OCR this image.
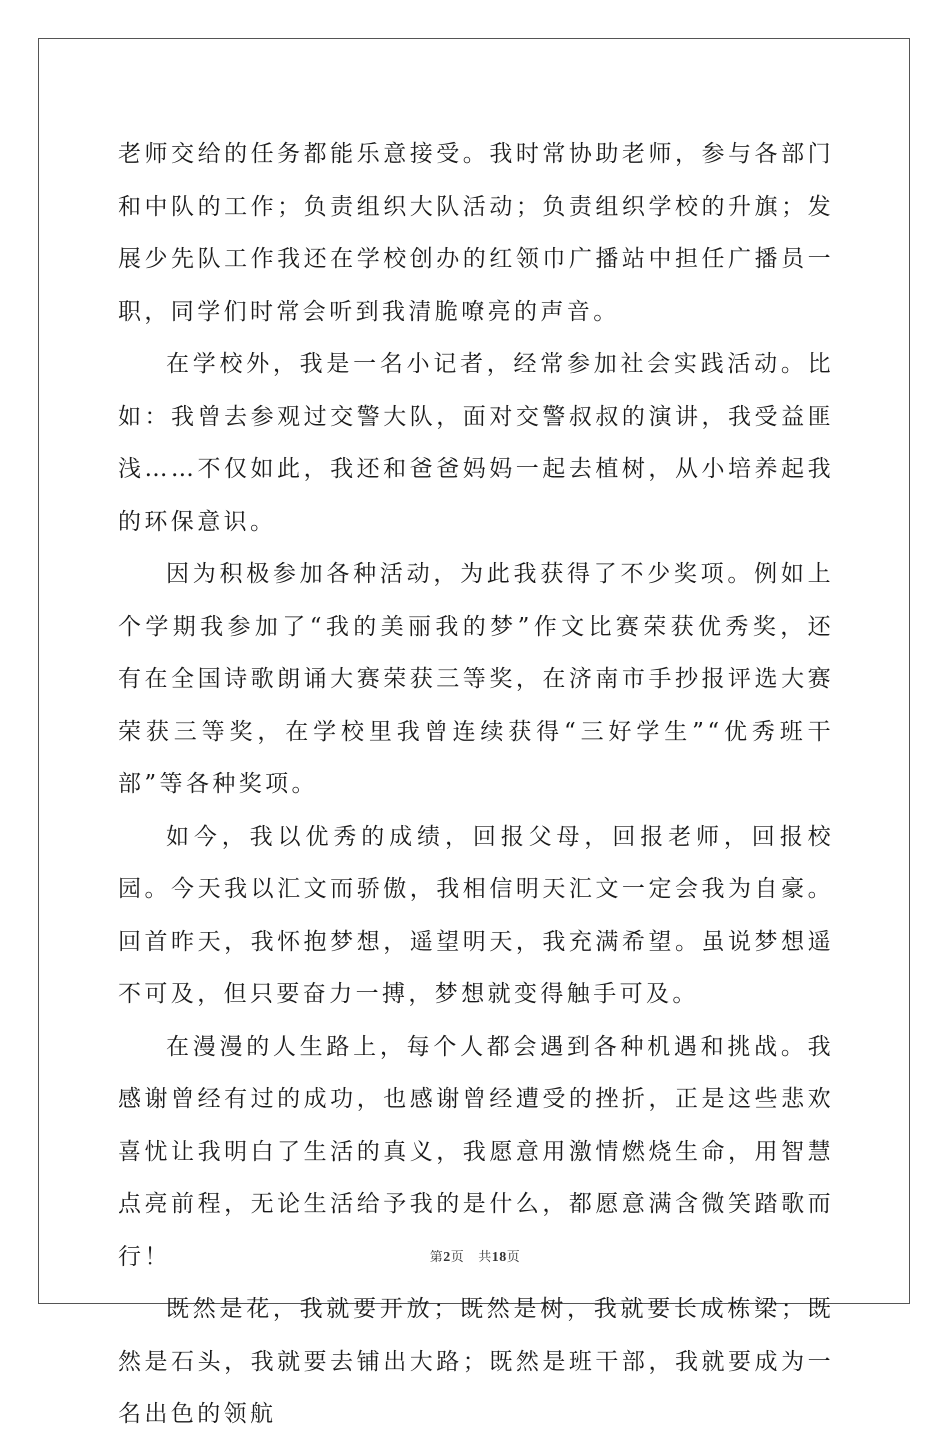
老师交给的任务都能乐意接受。我时常协助老师，参与各部门和中队的工作；负责组织大队活动；负责组织学校的升旗；发展少先队工作我还在学校创办的红领巾广播站中担任广播员一职，同学们时常会听到我清脆嘹亮的声音。

在学校外，我是一名小记者，经常参加社会实践活动。比如：我曾去参观过交警大队，面对交警叔叔的演讲，我受益匪浅……不仅如此，我还和爸爸妈妈一起去植树，从小培养起我的环保意识。

因为积极参加各种活动，为此我获得了不少奖项。例如上个学期我参加了“我的美丽我的梦”作文比赛荣获优秀奖，还有在全国诗歌朗诵大赛荣获三等奖，在济南市手抄报评选大赛荣获三等奖，在学校里我曾连续获得“三好学生”“优秀班干部”等各种奖项。

如今，我以优秀的成绩，回报父母，回报老师，回报校园。今天我以汇文而骄傲，我相信明天汇文一定会我为自豪。回首昨天，我怀抱梦想，遥望明天，我充满希望。虽说梦想遥不可及，但只要奋力一搏，梦想就变得触手可及。

在漫漫的人生路上，每个人都会遇到各种机遇和挑战。我感谢曾经有过的成功，也感谢曾经遭受的挫折，正是这些悲欢喜忧让我明白了生活的真义，我愿意用激情燃烧生命，用智慧点亮前程，无论生活给予我的是什么，都愿意满含微笑踏歌而行！

既然是花，我就要开放；既然是树，我就要长成栋梁；既然是石头，我就要去铺出大路；既然是班干部，我就要成为一名出色的领航

第2页 共18页
